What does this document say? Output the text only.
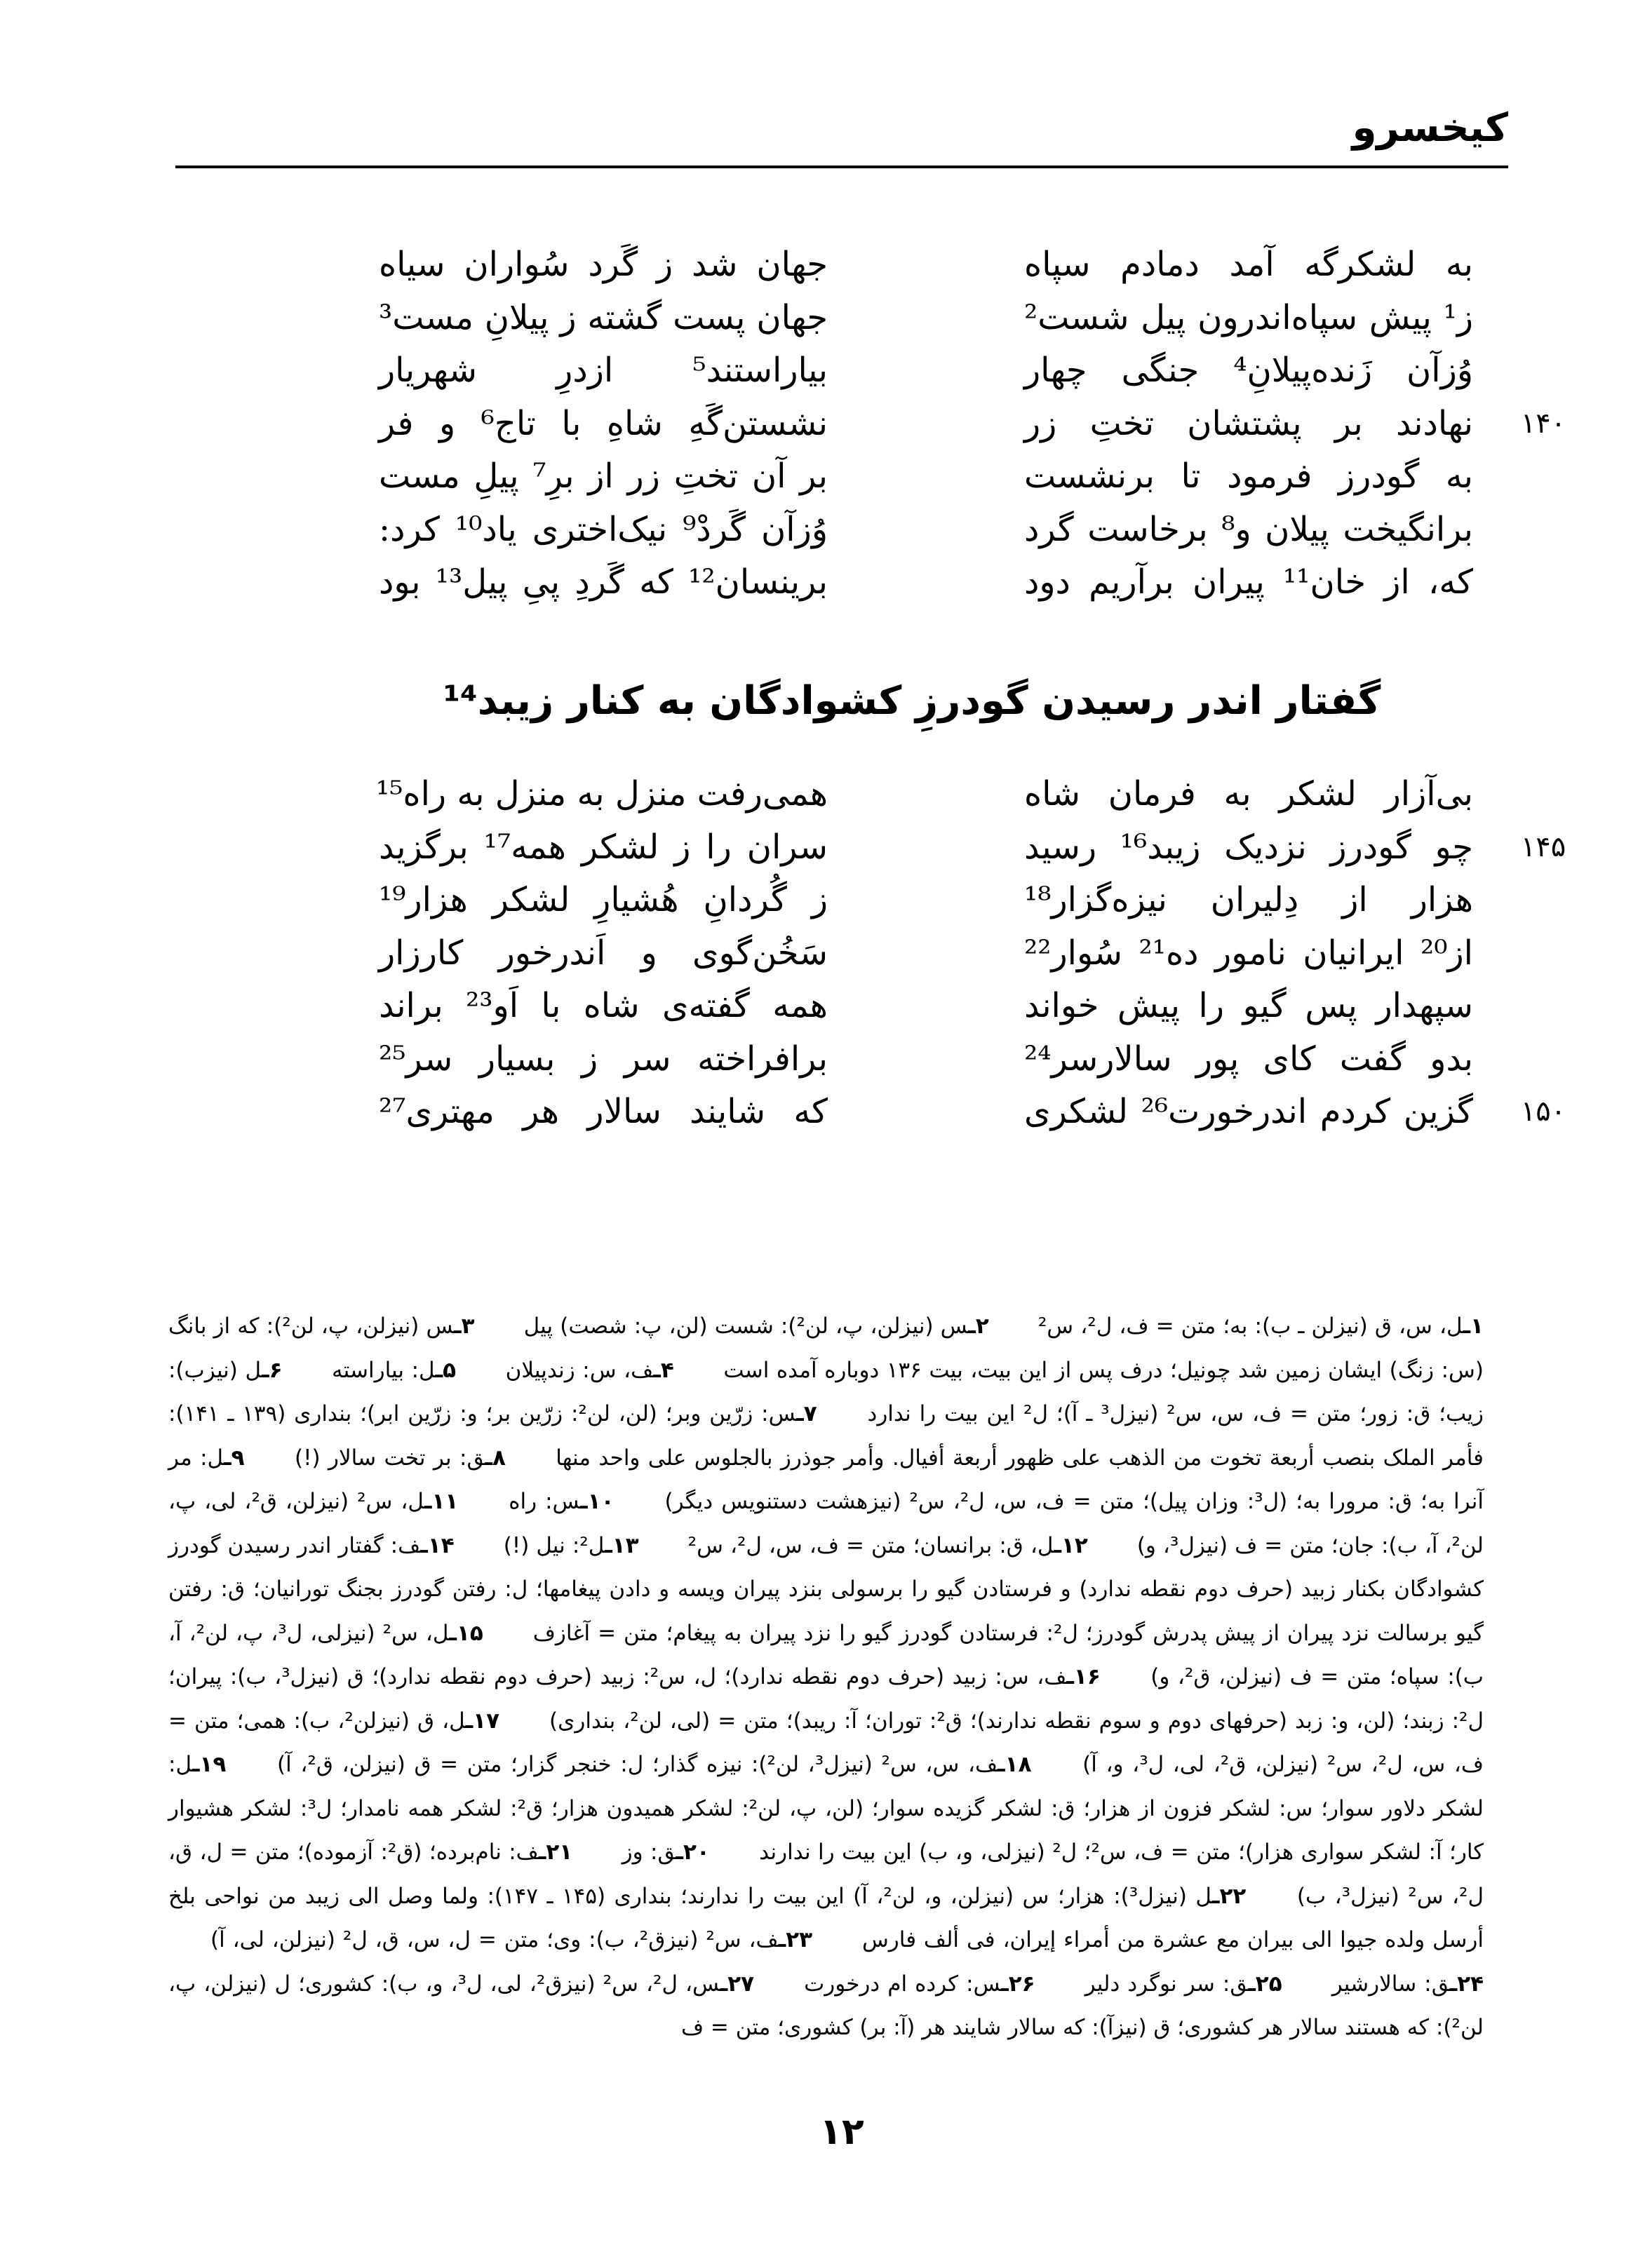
کیخسرو
به لشکرگه آمد دمادم سپاه
جهان شد ز گَرد سُواران سیاه
ز¹ پیش سپاه‌اندرون پیل شست²
جهان پست گشته ز پیلانِ مست³
وُزآن زَنده‌پیلانِ⁴ جنگی چهار
بیاراستند⁵ ازدرِ شهریار
۱۴۰
نهادند بر پشتشان تختِ زر
نشستن‌گَهِ شاهِ با تاج⁶ و فر
به گودرز فرمود تا برنشست
بر آن تختِ زر از برِ⁷ پیلِ مست
برانگیخت پیلان و⁸ برخاست گرد
وُزآن گَردْ⁹ نیک‌اختری یاد¹⁰ کرد:
که، از خان¹¹ پیران برآریم دود
برینسان¹² که گَردِ پیِ پیل¹³ بود
گفتار اندر رسیدن گودرزِ کشوادگان به کنار زیبد¹⁴
بی‌آزار لشکر به فرمان شاه
همی‌رفت منزل به منزل به راه¹⁵
۱۴۵
چو گودرز نزدیک زیبد¹⁶ رسید
سران را ز لشکر همه¹⁷ برگزید
هزار از دِلیران نیزه‌گزار¹⁸
ز گُردانِ هُشیارِ لشکر هزار¹⁹
از²⁰ ایرانیان نامور ده²¹ سُوار²²
سَخُن‌گوی و اَندرخور کارزار
سپهدار پس گیو را پیش خواند
همه گفته‌ی شاه با اَو²³ براند
بدو گفت کای پور سالارسر²⁴
برافراخته سر ز بسیار سر²⁵
۱۵۰
گزین کردم اندرخورت²⁶ لشکری
که شایند سالار هر مهتری²⁷
۱ـل، س، ق (نیزلن ـ ب): به؛ متن = ف، ل²، س² ۲ـس (نیزلن، پ، لن²): شست (لن، پ: شصت) پیل ۳ـس (نیزلن، پ، لن²): که از بانگ (س: زنگ) ایشان زمین شد چونیل؛ درف پس از این بیت، بیت ۱۳۶ دوباره آمده است ۴ـف، س: زندپیلان ۵ـل: بیاراسته ۶ـل (نیزب): زیب؛ ق: زور؛ متن = ف، س، س² (نیزل³ ـ آ)؛ ل² این بیت را ندارد ۷ـس: زرّین وبر؛ (لن، لن²: زرّین بر؛ و: زرّین ابر)؛ بنداری (۱۳۹ ـ ۱۴۱): فأمر الملک بنصب أربعة تخوت من الذهب علی ظهور أربعة أفیال. وأمر جوذرز بالجلوس علی واحد منها ۸ـق: بر تخت سالار (!) ۹ـل: مر آنرا به؛ ق: مرورا به؛ (ل³: وزان پیل)؛ متن = ف، س، ل²، س² (نیزهشت دستنویس دیگر) ۱۰ـس: راه ۱۱ـل، س² (نیزلن، ق²، لی، پ، لن²، آ، ب): جان؛ متن = ف (نیزل³، و) ۱۲ـل، ق: برانسان؛ متن = ف، س، ل²، س² ۱۳ـل²: نیل (!) ۱۴ـف: گفتار اندر رسیدن گودرز کشوادگان بکنار زبید (حرف دوم نقطه ندارد) و فرستادن گیو را برسولی بنزد پیران ویسه و دادن پیغامها؛ ل: رفتن گودرز بجنگ تورانیان؛ ق: رفتن گیو برسالت نزد پیران از پیش پدرش گودرز؛ ل²: فرستادن گودرز گیو را نزد پیران به پیغام؛ متن = آغازف ۱۵ـل، س² (نیزلی، ل³، پ، لن²، آ، ب): سپاه؛ متن = ف (نیزلن، ق²، و) ۱۶ـف، س: زبید (حرف دوم نقطه ندارد)؛ ل، س²: زبید (حرف دوم نقطه ندارد)؛ ق (نیزل³، ب): پیران؛ ل²: زبند؛ (لن، و: زبد (حرفهای دوم و سوم نقطه ندارند)؛ ق²: توران؛ آ: ریبد)؛ متن = (لی، لن²، بنداری) ۱۷ـل، ق (نیزلن²، ب): همی؛ متن = ف، س، ل²، س² (نیزلن، ق²، لی، ل³، و، آ) ۱۸ـف، س، س² (نیزل³، لن²): نیزه گذار؛ ل: خنجر گزار؛ متن = ق (نیزلن، ق²، آ) ۱۹ـل: لشکر دلاور سوار؛ س: لشکر فزون از هزار؛ ق: لشکر گزیده سوار؛ (لن، پ، لن²: لشکر همیدون هزار؛ ق²: لشکر همه نامدار؛ ل³: لشکر هشیوار کار؛ آ: لشکر سواری هزار)؛ متن = ف، س²؛ ل² (نیزلی، و، ب) این بیت را ندارند ۲۰ـق: وز ۲۱ـف: نام‌برده؛ (ق²: آزموده)؛ متن = ل، ق، ل²، س² (نیزل³، ب) ۲۲ـل (نیزل³): هزار؛ س (نیزلن، و، لن²، آ) این بیت را ندارند؛ بنداری (۱۴۵ ـ ۱۴۷): ولما وصل الی زیبد من نواحی بلخ أرسل ولده جیوا الی بیران مع عشرة من أمراء إیران، فی ألف فارس ۲۳ـف، س² (نیزق²، ب): وی؛ متن = ل، س، ق، ل² (نیزلن، لی، آ) ۲۴ـق: سالارشیر ۲۵ـق: سر نوگرد دلیر ۲۶ـس: کرده ام درخورت ۲۷ـس، ل²، س² (نیزق²، لی، ل³، و، ب): کشوری؛ ل (نیزلن، پ، لن²): که هستند سالار هر کشوری؛ ق (نیزآ): که سالار شایند هر (آ: بر) کشوری؛ متن = ف
۱۲
